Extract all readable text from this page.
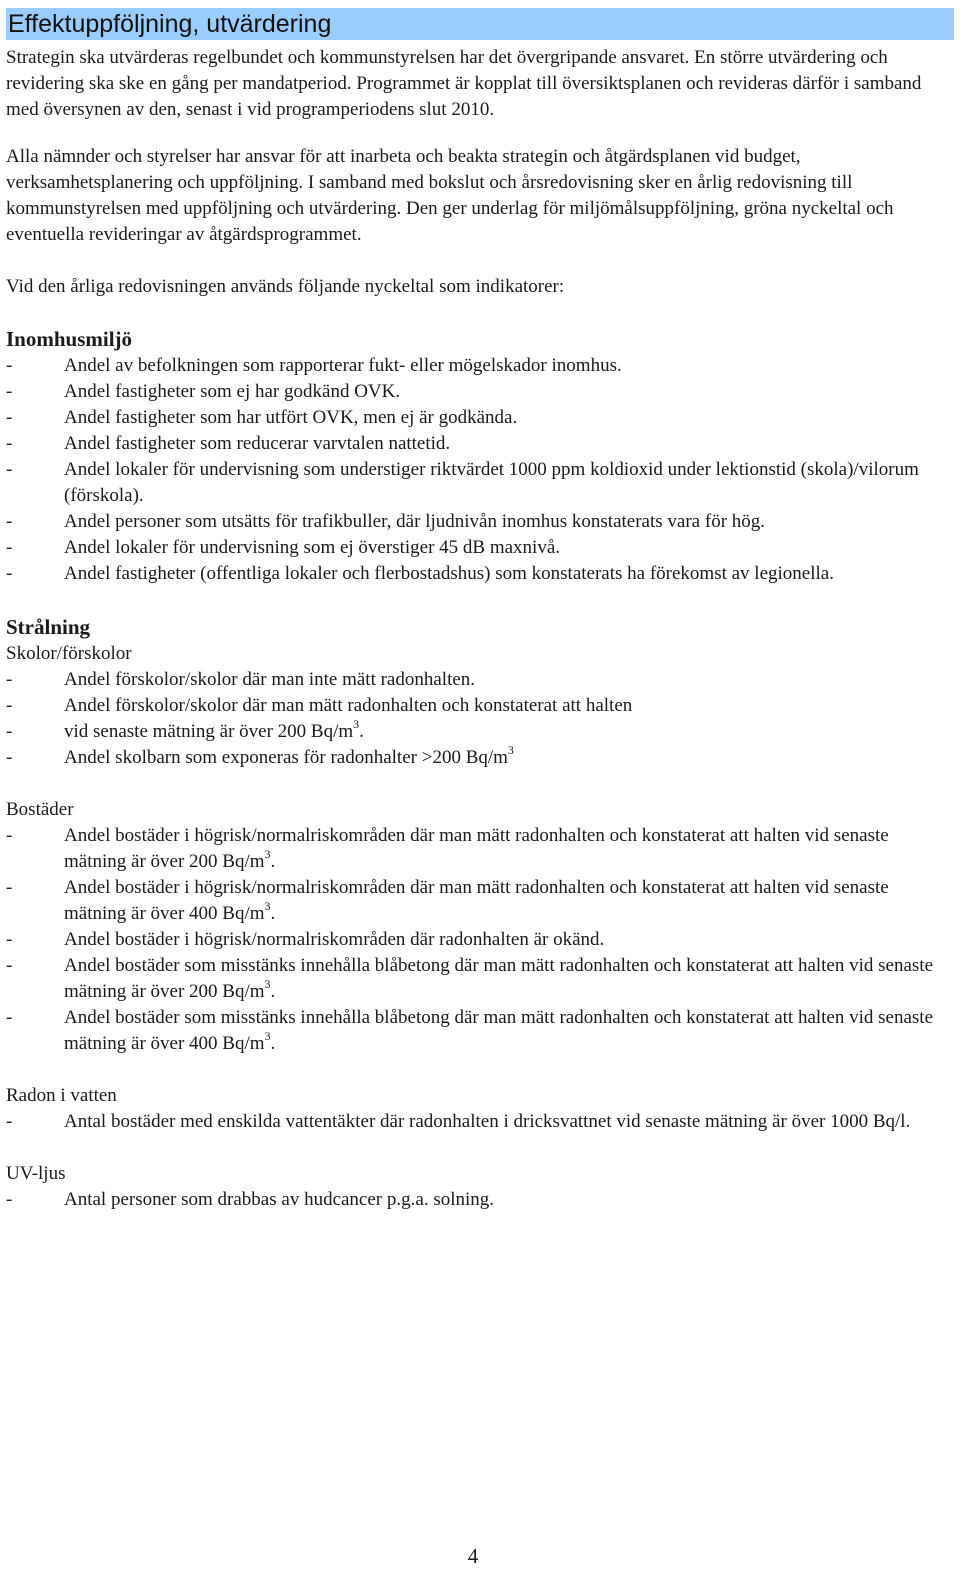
Effektuppföljning, utvärdering

Strategin ska utvärderas regelbundet och kommunstyrelsen har det övergripande ansvaret. En större utvärdering och revidering ska ske en gång per mandatperiod. Programmet är kopplat till översiktsplanen och revideras därför i samband med översynen av den, senast i vid programperiodens slut 2010.

Alla nämnder och styrelser har ansvar för att inarbeta och beakta strategin och åtgärdsplanen vid budget, verksamhetsplanering och uppföljning. I samband med bokslut och årsredovisning sker en årlig redovisning till kommunstyrelsen med uppföljning och utvärdering. Den ger underlag för miljömålsuppföljning, gröna nyckeltal och eventuella revideringar av åtgärdsprogrammet.

Vid den årliga redovisningen används följande nyckeltal som indikatorer:

Inomhusmiljö
-	Andel av befolkningen som rapporterar fukt- eller mögelskador inomhus.
-	Andel fastigheter som ej har godkänd OVK.
-	Andel fastigheter som har utfört OVK, men ej är godkända.
-	Andel fastigheter som reducerar varvtalen nattetid.
-	Andel lokaler för undervisning som understiger riktvärdet 1000 ppm koldioxid under lektionstid (skola)/vilorum (förskola).
-	Andel personer som utsätts för trafikbuller, där ljudnivån inomhus konstaterats vara för hög.
-	Andel lokaler för undervisning som ej överstiger 45 dB maxnivå.
-	Andel fastigheter (offentliga lokaler och flerbostadshus) som konstaterats ha förekomst av legionella.
Strålning
Skolor/förskolor
-	Andel förskolor/skolor där man inte mätt radonhalten.
-	Andel förskolor/skolor där man mätt radonhalten och konstaterat att halten
-	vid senaste mätning är över 200 $Bq/m^3$.
-	Andel skolbarn som exponeras för radonhalter >200 $Bq/m^3$
Bostäder
-	Andel bostäder i högrisk/normalriskområden där man mätt radonhalten och konstaterat att halten vid senaste mätning är över 200 $Bq/m^3$.
-	Andel bostäder i högrisk/normalriskområden där man mätt radonhalten och konstaterat att halten vid senaste mätning är över 400 $Bq/m^3$.
-	Andel bostäder i högrisk/normalriskområden där radonhalten är okänd.
-	Andel bostäder som misstänks innehålla blåbetong där man mätt radonhalten och konstaterat att halten vid senaste mätning är över 200 $Bq/m^3$.
-	Andel bostäder som misstänks innehålla blåbetong där man mätt radonhalten och konstaterat att halten vid senaste mätning är över 400 $Bq/m^3$.
Radon i vatten
-	Antal bostäder med enskilda vattentäkter där radonhalten i dricksvattnet vid senaste mätning är över 1000 Bq/l.
UV-ljus
-	Antal personer som drabbas av hudcancer p.g.a. solning.
4
